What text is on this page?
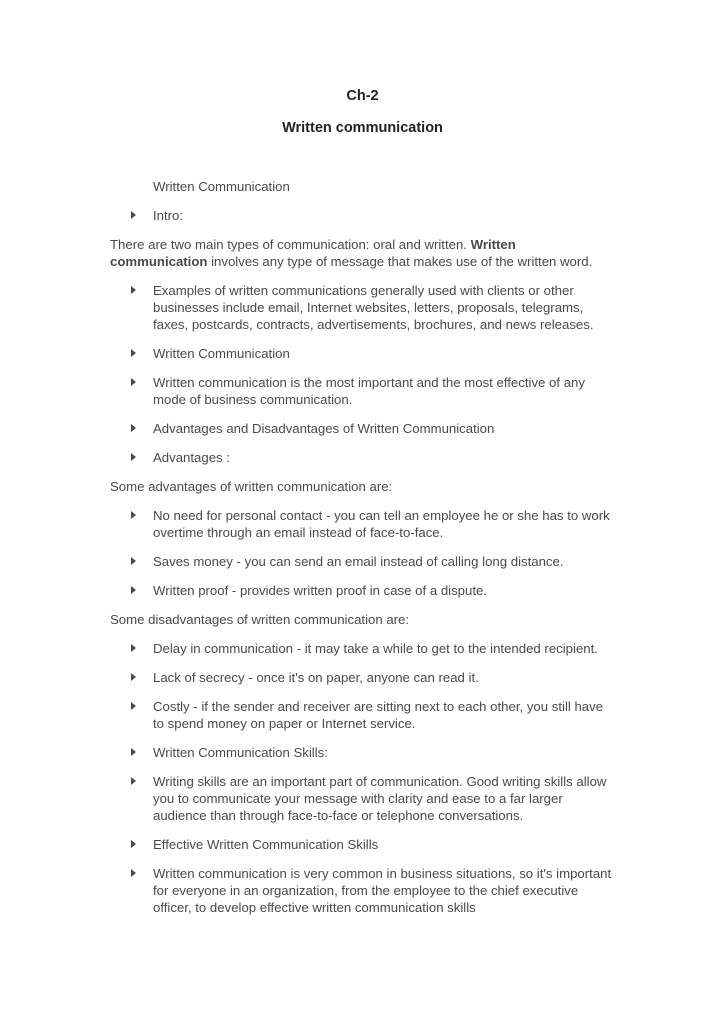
Ch-2
Written communication
Written Communication
Intro:
There are two main types of communication: oral and written. Written communication involves any type of message that makes use of the written word.
Examples of written communications generally used with clients or other businesses include email, Internet websites, letters, proposals, telegrams, faxes, postcards, contracts, advertisements, brochures, and news releases.
Written Communication
Written communication is the most important and the most effective of any mode of business communication.
Advantages and Disadvantages of Written Communication
Advantages :
Some advantages of written communication are:
No need for personal contact - you can tell an employee he or she has to work overtime through an email instead of face-to-face.
Saves money - you can send an email instead of calling long distance.
Written proof - provides written proof in case of a dispute.
Some disadvantages of written communication are:
Delay in communication - it may take a while to get to the intended recipient.
Lack of secrecy - once it's on paper, anyone can read it.
Costly - if the sender and receiver are sitting next to each other, you still have to spend money on paper or Internet service.
Written Communication Skills:
Writing skills are an important part of communication. Good writing skills allow you to communicate your message with clarity and ease to a far larger audience than through face-to-face or telephone conversations.
Effective Written Communication Skills
Written communication is very common in business situations, so it's important for everyone in an organization, from the employee to the chief executive officer, to develop effective written communication skills
